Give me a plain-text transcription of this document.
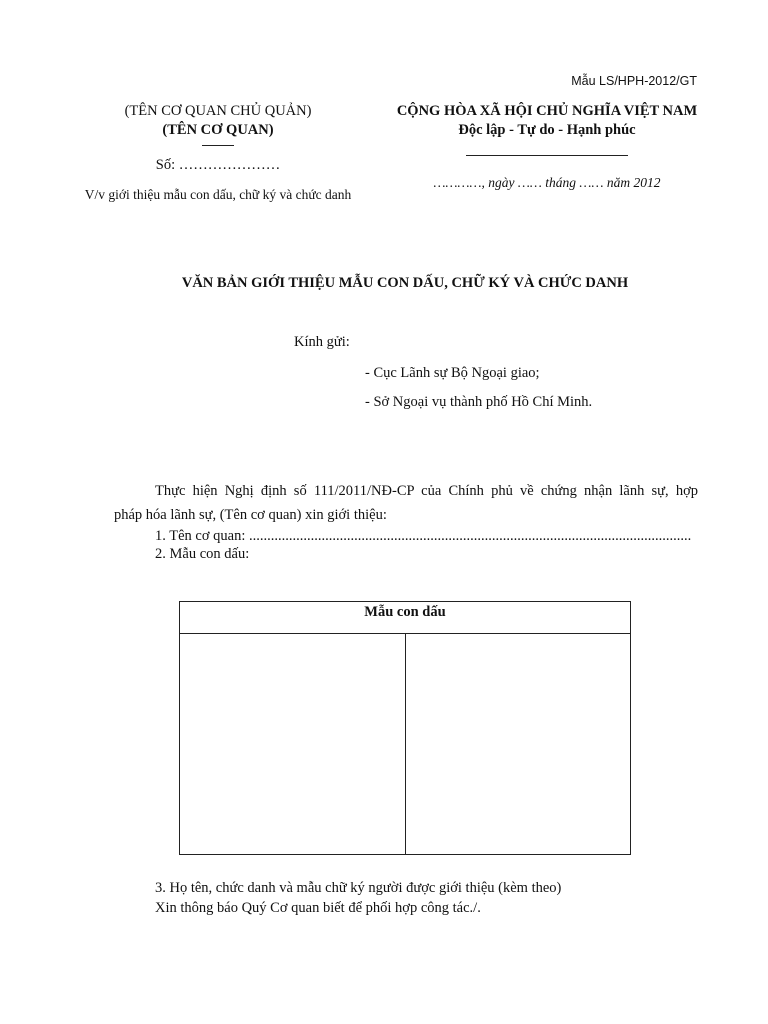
Mẫu LS/HPH-2012/GT
(TÊN CƠ QUAN CHỦ QUẢN)
(TÊN CƠ QUAN)
Số: …………………
V/v giới thiệu mẫu con dấu, chữ ký và chức danh
CỘNG HÒA XÃ HỘI CHỦ NGHĨA VIỆT NAM
Độc lập - Tự do - Hạnh phúc
…………, ngày …… tháng …… năm 2012
VĂN BẢN GIỚI THIỆU MẪU CON DẤU, CHỮ KÝ VÀ CHỨC DANH
Kính gửi:
- Cục Lãnh sự Bộ Ngoại giao;
- Sở Ngoại vụ thành phố Hồ Chí Minh.
Thực hiện Nghị định số 111/2011/NĐ-CP của Chính phủ về chứng nhận lãnh sự, hợp
pháp hóa lãnh sự, (Tên cơ quan) xin giới thiệu:
1. Tên cơ quan: ..........................................................................................................................
2. Mẫu con dấu:
Mẫu con dấu

3. Họ tên, chức danh và mẫu chữ ký người được giới thiệu (kèm theo)
Xin thông báo Quý Cơ quan biết để phối hợp công tác./.
